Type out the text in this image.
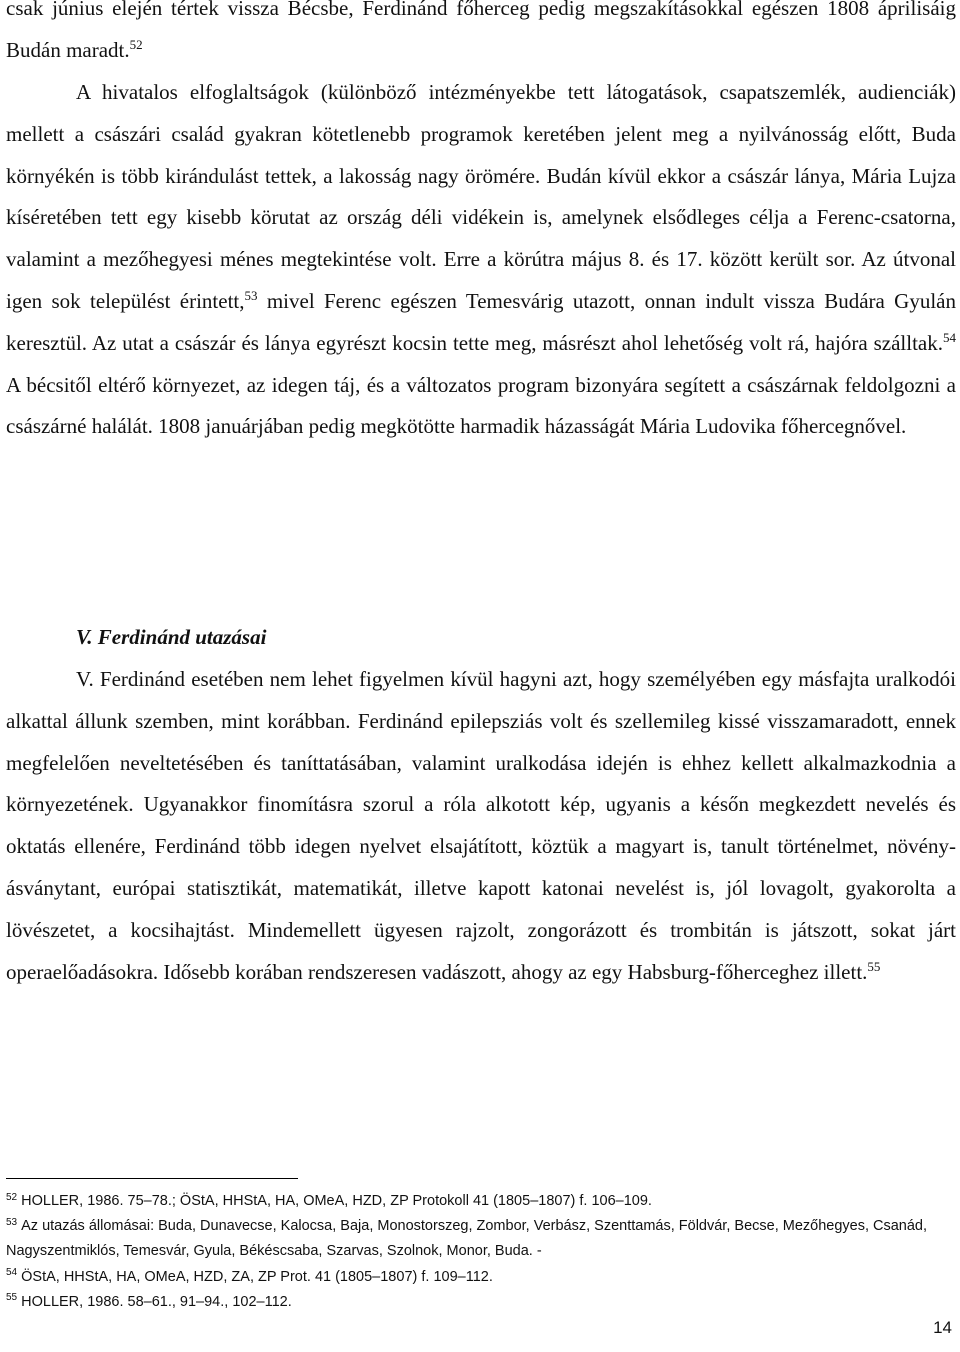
csak június elején tértek vissza Bécsbe, Ferdinánd főherceg pedig megszakításokkal egészen 1808 áprilisáig Budán maradt.$^{52}$

A hivatalos elfoglaltságok (különböző intézményekbe tett látogatások, csapatszemlék, audienciák) mellett a császári család gyakran kötetlenebb programok keretében jelent meg a nyilvánosság előtt, Buda környékén is több kirándulást tettek, a lakosság nagy örömére. Budán kívül ekkor a császár lánya, Mária Lujza kíséretében tett egy kisebb körutat az ország déli vidékein is, amelynek elsődleges célja a Ferenc-csatorna, valamint a mezőhegyesi ménes megtekintése volt. Erre a körútra május 8. és 17. között került sor. Az útvonal igen sok települést érintett,$^{53}$ mivel Ferenc egészen Temesvárig utazott, onnan indult vissza Budára Gyulán keresztül. Az utat a császár és lánya egyrészt kocsin tette meg, másrészt ahol lehetőség volt rá, hajóra szálltak.$^{54}$ A bécsitől eltérő környezet, az idegen táj, és a változatos program bizonyára segített a császárnak feldolgozni a császárné halálát. 1808 januárjában pedig megkötötte harmadik házasságát Mária Ludovika főhercegnővel.

V. Ferdinánd utazásai

V. Ferdinánd esetében nem lehet figyelmen kívül hagyni azt, hogy személyében egy másfajta uralkodói alkattal állunk szemben, mint korábban. Ferdinánd epilepsziás volt és szellemileg kissé visszamaradott, ennek megfelelően neveltetésében és taníttatásában, valamint uralkodása idején is ehhez kellett alkalmazkodnia a környezetének. Ugyanakkor finomításra szorul a róla alkotott kép, ugyanis a későn megkezdett nevelés és oktatás ellenére, Ferdinánd több idegen nyelvet elsajátított, köztük a magyart is, tanult történelmet, növény- ásványtant, európai statisztikát, matematikát, illetve kapott katonai nevelést is, jól lovagolt, gyakorolta a lövészetet, a kocsihajtást. Mindemellett ügyesen rajzolt, zongorázott és trombitán is játszott, sokat járt operaelőadásokra. Idősebb korában rendszeresen vadászott, ahogy az egy Habsburg-főherceghez illett.$^{55}$

$^{52}$ HOLLER, 1986. 75–78.; ÖStA, HHStA, HA, OMeA, HZD, ZP Protokoll 41 (1805–1807) f. 106–109.

$^{53}$ Az utazás állomásai: Buda, Dunavecse, Kalocsa, Baja, Monostorszeg, Zombor, Verbász, Szenttamás, Földvár, Becse, Mezőhegyes, Csanád, Nagyszentmiklós, Temesvár, Gyula, Békéscsaba, Szarvas, Szolnok, Monor, Buda. -

$^{54}$ ÖStA, HHStA, HA, OMeA, HZD, ZA, ZP Prot. 41 (1805–1807) f. 109–112.

$^{55}$ HOLLER, 1986. 58–61., 91–94., 102–112.

14
